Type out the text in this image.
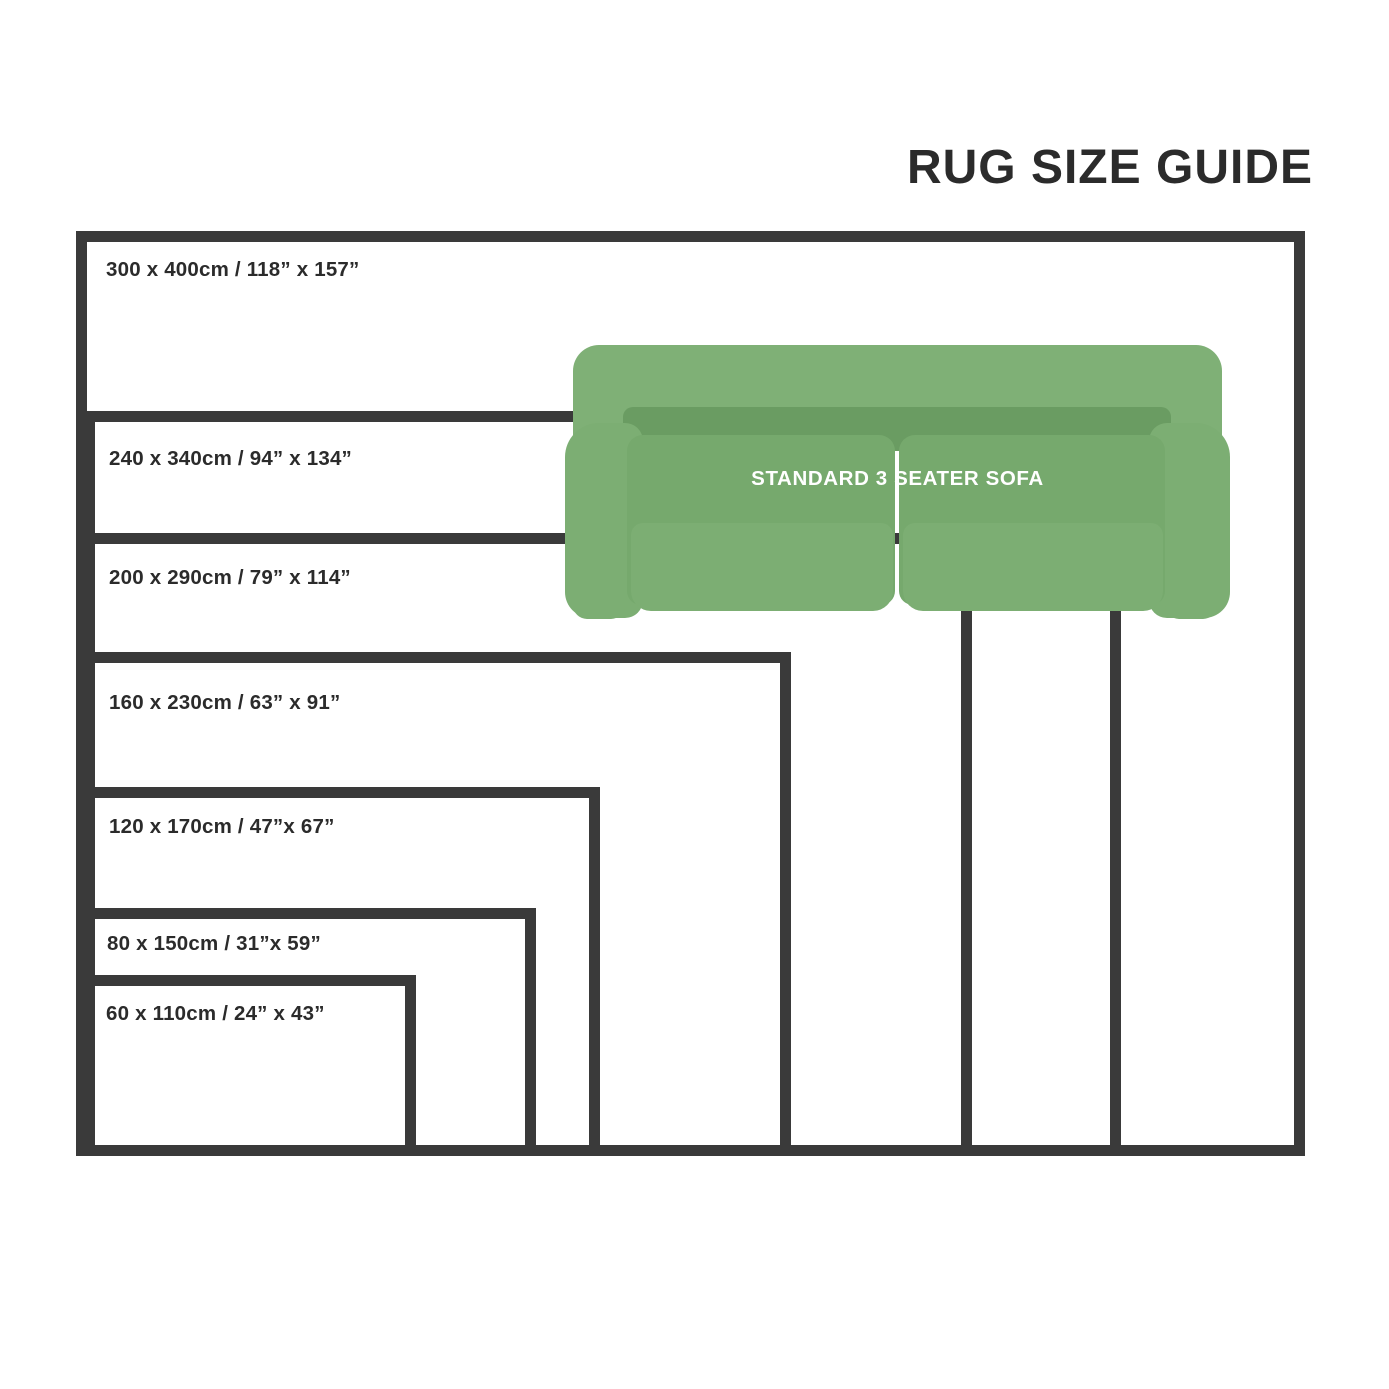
RUG SIZE GUIDE
300 x 400cm / 118” x 157”
240 x 340cm / 94” x 134”
200 x 290cm / 79” x 114”
160 x 230cm / 63” x 91”
120 x 170cm / 47”x 67”
80 x 150cm / 31”x 59”
60 x 110cm / 24” x 43”
STANDARD 3 SEATER SOFA
